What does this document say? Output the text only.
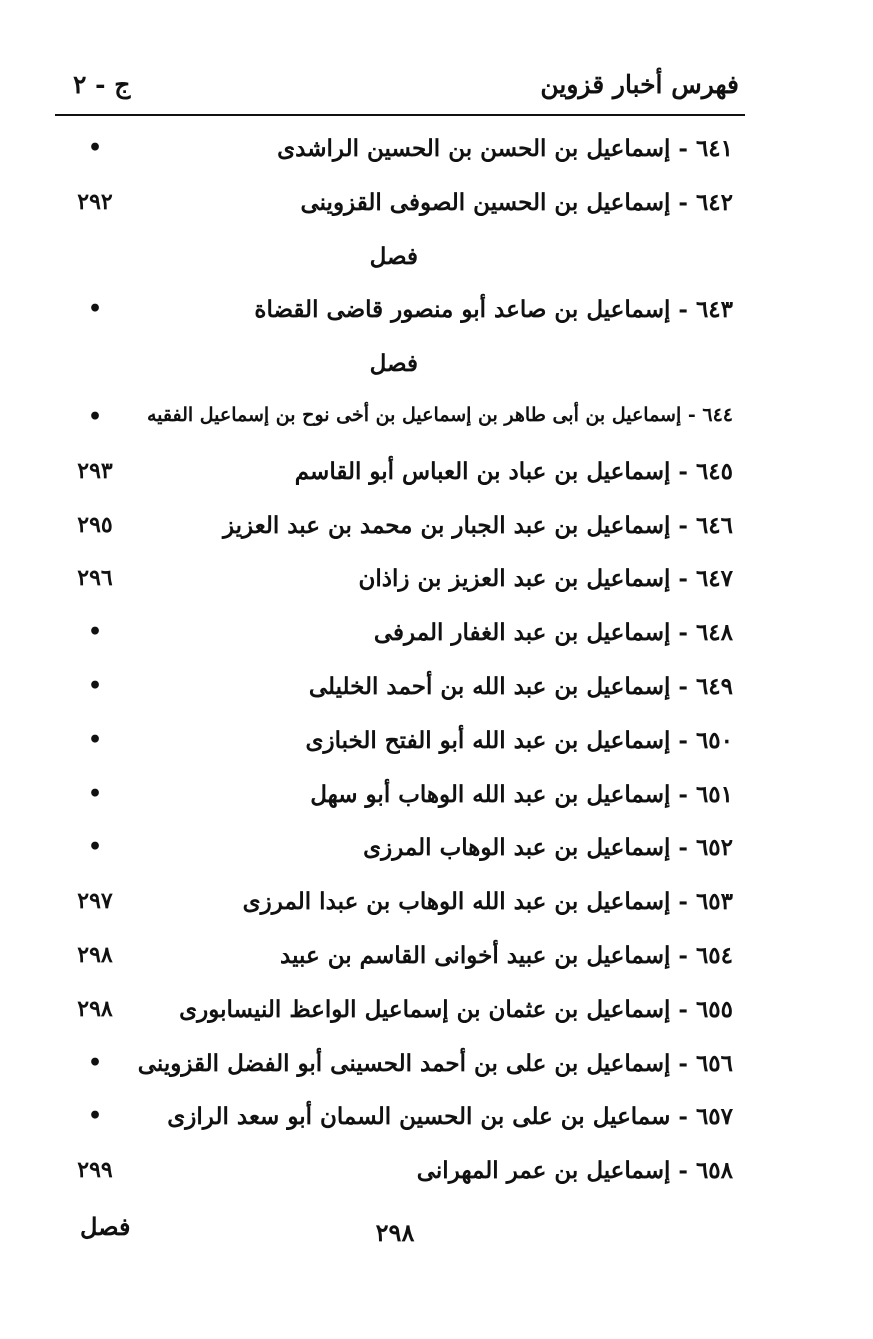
فهرس أخبار قزوين
ج - ٢
٦٤١ - إسماعيل بن الحسن بن الحسين الراشدى
•
٦٤٢ - إسماعيل بن الحسين الصوفى القزوينى
٢٩٢
فصل
٦٤٣ - إسماعيل بن صاعد أبو منصور قاضى القضاة
•
فصل
٦٤٤ - إسماعيل بن أبى طاهر بن إسماعيل بن أخى نوح بن إسماعيل الفقيه
•
٦٤٥ - إسماعيل بن عباد بن العباس أبو القاسم
٢٩٣
٦٤٦ - إسماعيل بن عبد الجبار بن محمد بن عبد العزيز
٢٩٥
٦٤٧ - إسماعيل بن عبد العزيز بن زاذان
٢٩٦
٦٤٨ - إسماعيل بن عبد الغفار المرفى
•
٦٤٩ - إسماعيل بن عبد الله بن أحمد الخليلى
•
٦٥٠ - إسماعيل بن عبد الله أبو الفتح الخبازى
•
٦٥١ - إسماعيل بن عبد الله الوهاب أبو سهل
•
٦٥٢ - إسماعيل بن عبد الوهاب المرزى
•
٦٥٣ - إسماعيل بن عبد الله الوهاب بن عبدا المرزى
٢٩٧
٦٥٤ - إسماعيل بن عبيد أخوانى القاسم بن عبيد
٢٩٨
٦٥٥ - إسماعيل بن عثمان بن إسماعيل الواعظ النيسابورى
٢٩٨
٦٥٦ - إسماعيل بن على بن أحمد الحسينى أبو الفضل القزوينى
•
٦٥٧ - سماعيل بن على بن الحسين السمان أبو سعد الرازى
•
٦٥٨ - إسماعيل بن عمر المهرانى
٢٩٩
٢٩٨
فصل
